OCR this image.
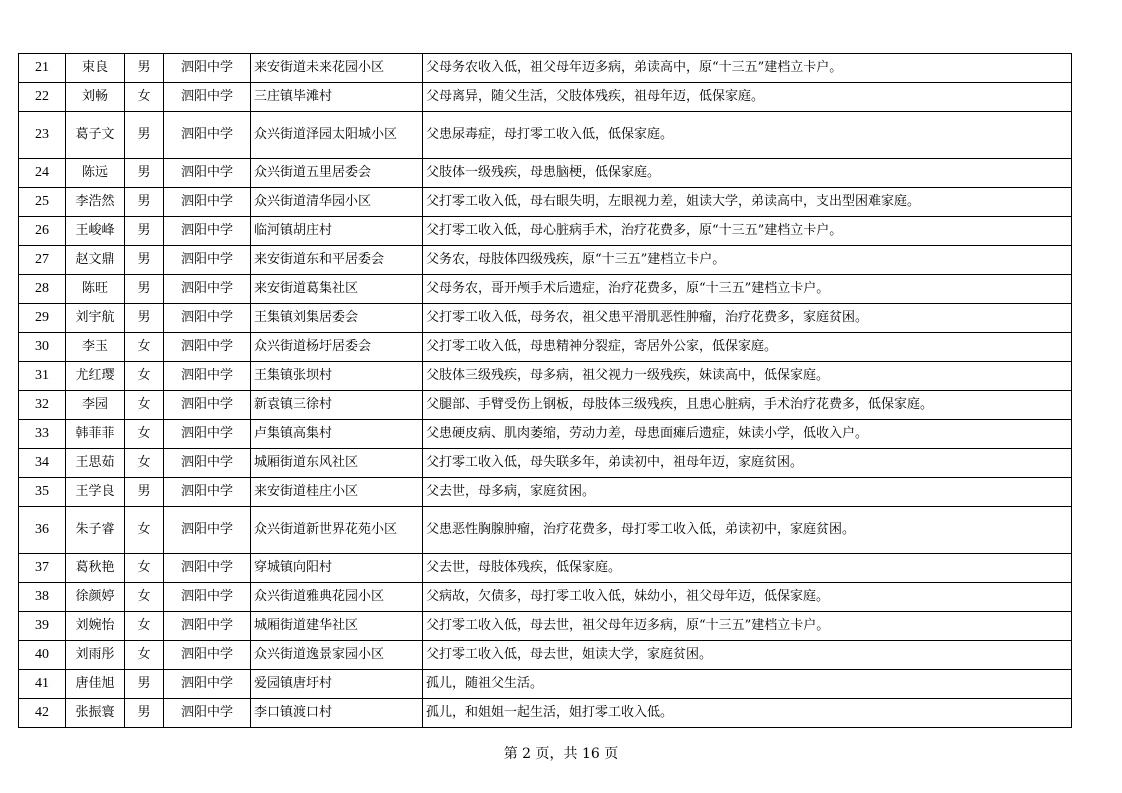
21	束良	男	泗阳中学	来安街道未来花园小区	父母务农收入低，祖父母年迈多病，弟读高中，原“十三五”建档立卡户。
22	刘畅	女	泗阳中学	三庄镇毕滩村	父母离异，随父生活，父肢体残疾，祖母年迈，低保家庭。
23	葛子文	男	泗阳中学	众兴街道泽园太阳城小区	父患尿毒症，母打零工收入低，低保家庭。
24	陈远	男	泗阳中学	众兴街道五里居委会	父肢体一级残疾，母患脑梗，低保家庭。
25	李浩然	男	泗阳中学	众兴街道清华园小区	父打零工收入低，母右眼失明，左眼视力差，姐读大学，弟读高中，支出型困难家庭。
26	王峻峰	男	泗阳中学	临河镇胡庄村	父打零工收入低，母心脏病手术，治疗花费多，原“十三五”建档立卡户。
27	赵文鼎	男	泗阳中学	来安街道东和平居委会	父务农，母肢体四级残疾，原“十三五”建档立卡户。
28	陈旺	男	泗阳中学	来安街道葛集社区	父母务农，哥开颅手术后遗症，治疗花费多，原“十三五”建档立卡户。
29	刘宇航	男	泗阳中学	王集镇刘集居委会	父打零工收入低，母务农，祖父患平滑肌恶性肿瘤，治疗花费多，家庭贫困。
30	李玉	女	泗阳中学	众兴街道杨圩居委会	父打零工收入低，母患精神分裂症，寄居外公家，低保家庭。
31	尤红璎	女	泗阳中学	王集镇张坝村	父肢体三级残疾，母多病，祖父视力一级残疾，妹读高中，低保家庭。
32	李园	女	泗阳中学	新袁镇三徐村	父腿部、手臂受伤上钢板，母肢体三级残疾，且患心脏病，手术治疗花费多，低保家庭。
33	韩菲菲	女	泗阳中学	卢集镇高集村	父患硬皮病、肌肉萎缩，劳动力差，母患面瘫后遗症，妹读小学，低收入户。
34	王思茹	女	泗阳中学	城厢街道东风社区	父打零工收入低，母失联多年，弟读初中，祖母年迈，家庭贫困。
35	王学良	男	泗阳中学	来安街道桂庄小区	父去世，母多病，家庭贫困。
36	朱子睿	女	泗阳中学	众兴街道新世界花苑小区	父患恶性胸腺肿瘤，治疗花费多，母打零工收入低，弟读初中，家庭贫困。
37	葛秋艳	女	泗阳中学	穿城镇向阳村	父去世，母肢体残疾，低保家庭。
38	徐颜婷	女	泗阳中学	众兴街道雅典花园小区	父病故，欠债多，母打零工收入低，妹幼小，祖父母年迈，低保家庭。
39	刘婉怡	女	泗阳中学	城厢街道建华社区	父打零工收入低，母去世，祖父母年迈多病，原“十三五”建档立卡户。
40	刘雨彤	女	泗阳中学	众兴街道逸景家园小区	父打零工收入低，母去世，姐读大学，家庭贫困。
41	唐佳旭	男	泗阳中学	爱园镇唐圩村	孤儿，随祖父生活。
42	张振寰	男	泗阳中学	李口镇渡口村	孤儿，和姐姐一起生活，姐打零工收入低。
第 2 页，共 16 页
